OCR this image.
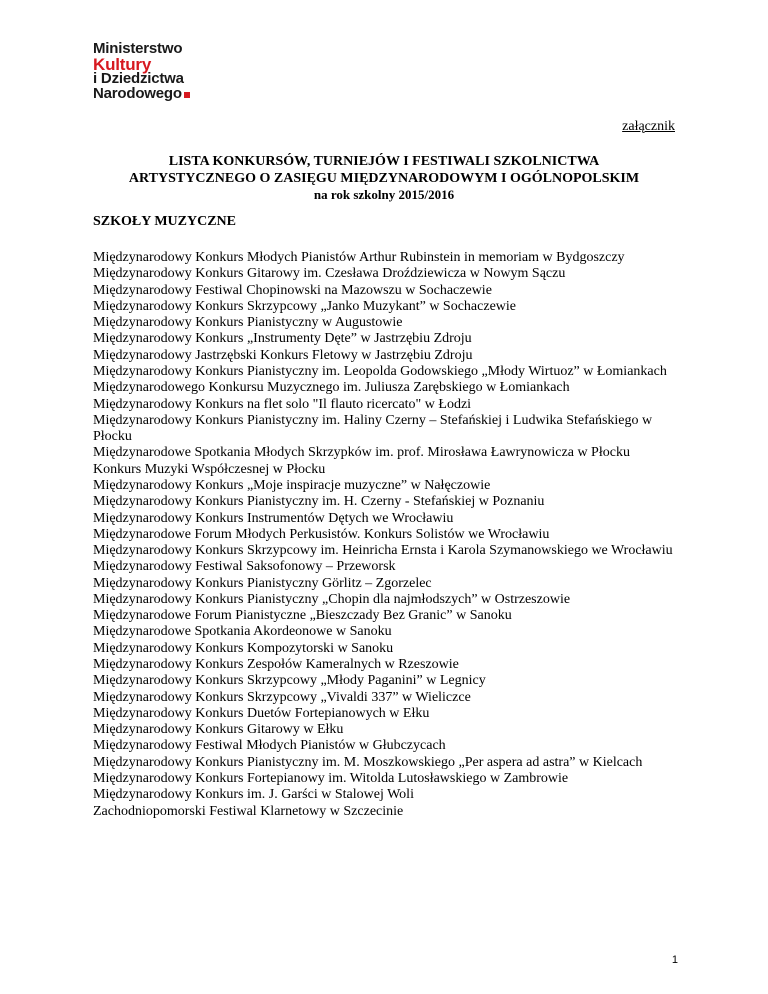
Ministerstwo
Kultury
i Dziedzictwa
Narodowego
załącznik
LISTA KONKURSÓW, TURNIEJÓW I FESTIWALI SZKOLNICTWA
ARTYSTYCZNEGO O ZASIĘGU MIĘDZYNARODOWYM I OGÓLNOPOLSKIM
na rok szkolny 2015/2016
SZKOŁY MUZYCZNE

Międzynarodowy Konkurs Młodych Pianistów Arthur Rubinstein in memoriam w Bydgoszczy

Międzynarodowy Konkurs Gitarowy im. Czesława Droździewicza w Nowym Sączu

Międzynarodowy Festiwal Chopinowski na Mazowszu w Sochaczewie

Międzynarodowy Konkurs Skrzypcowy „Janko Muzykant” w Sochaczewie

Międzynarodowy Konkurs Pianistyczny w Augustowie

Międzynarodowy Konkurs „Instrumenty Dęte” w Jastrzębiu Zdroju

Międzynarodowy Jastrzębski Konkurs Fletowy w Jastrzębiu Zdroju

Międzynarodowy Konkurs Pianistyczny im. Leopolda Godowskiego „Młody Wirtuoz” w Łomiankach

Międzynarodowego Konkursu Muzycznego im. Juliusza Zarębskiego w Łomiankach

Międzynarodowy Konkurs na flet solo "Il flauto ricercato" w Łodzi

Międzynarodowy Konkurs Pianistyczny im. Haliny Czerny – Stefańskiej i Ludwika Stefańskiego w Płocku

Międzynarodowe Spotkania Młodych Skrzypków im. prof. Mirosława Ławrynowicza w Płocku

Konkurs Muzyki Współczesnej w Płocku

Międzynarodowy Konkurs „Moje inspiracje muzyczne” w Nałęczowie

Międzynarodowy Konkurs Pianistyczny im. H. Czerny - Stefańskiej w Poznaniu

Międzynarodowy Konkurs Instrumentów Dętych we Wrocławiu

Międzynarodowe Forum Młodych Perkusistów. Konkurs Solistów we Wrocławiu

Międzynarodowy Konkurs Skrzypcowy im. Heinricha Ernsta i Karola Szymanowskiego we Wrocławiu

Międzynarodowy Festiwal Saksofonowy – Przeworsk

Międzynarodowy Konkurs Pianistyczny Görlitz – Zgorzelec

Międzynarodowy Konkurs Pianistyczny „Chopin dla najmłodszych” w Ostrzeszowie

Międzynarodowe Forum Pianistyczne „Bieszczady Bez Granic” w Sanoku

Międzynarodowe Spotkania Akordeonowe w Sanoku

Międzynarodowy Konkurs Kompozytorski w Sanoku

Międzynarodowy Konkurs Zespołów Kameralnych w Rzeszowie

Międzynarodowy Konkurs Skrzypcowy „Młody Paganini” w Legnicy

Międzynarodowy Konkurs Skrzypcowy „Vivaldi 337” w Wieliczce

Międzynarodowy Konkurs Duetów Fortepianowych w Ełku

Międzynarodowy Konkurs Gitarowy w Ełku

Międzynarodowy Festiwal Młodych Pianistów w Głubczycach

Międzynarodowy Konkurs Pianistyczny im. M. Moszkowskiego „Per aspera ad astra” w Kielcach

Międzynarodowy Konkurs Fortepianowy im. Witolda Lutosławskiego w Zambrowie

Międzynarodowy Konkurs im. J. Garści w Stalowej Woli

Zachodniopomorski Festiwal Klarnetowy w Szczecinie

1
